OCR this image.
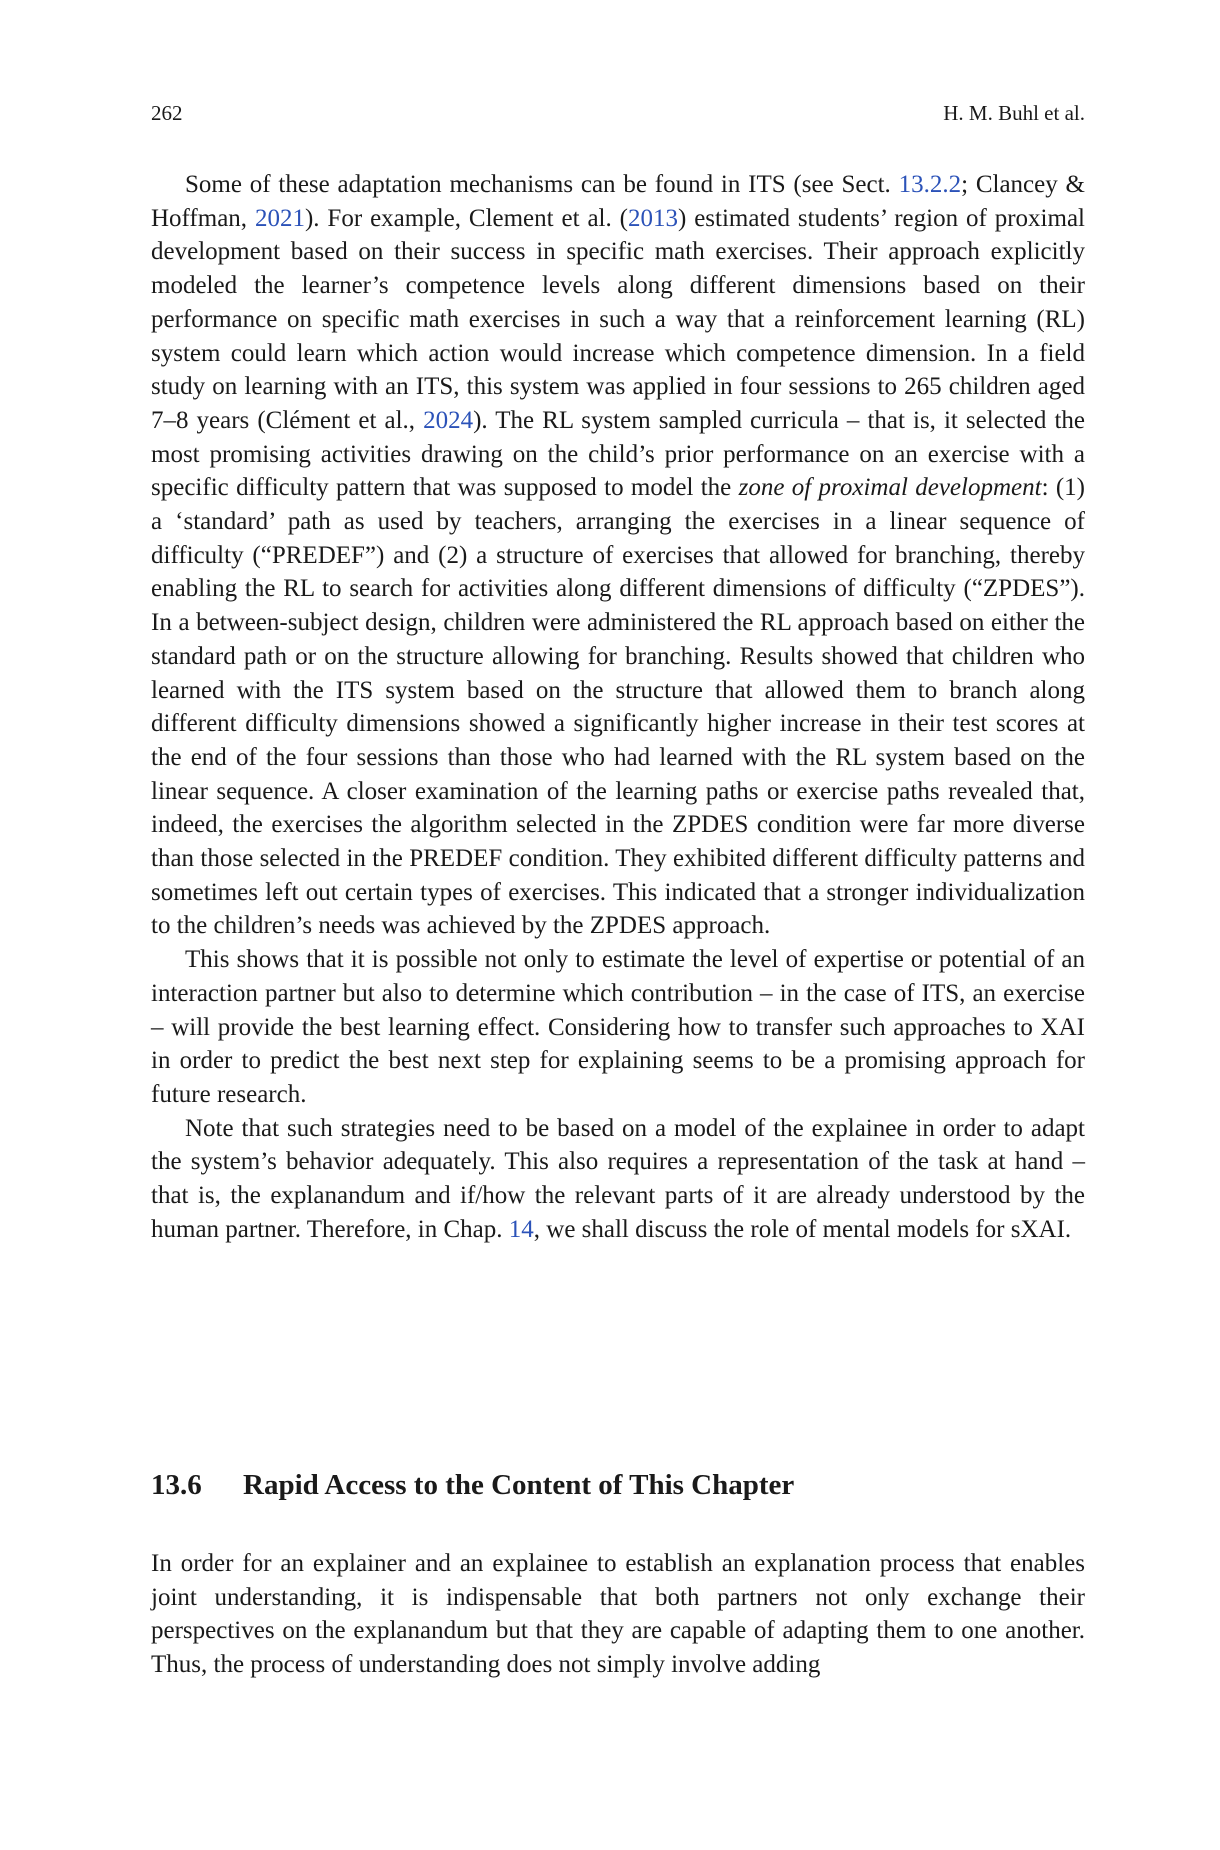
262	H. M. Buhl et al.

Some of these adaptation mechanisms can be found in ITS (see Sect. 13.2.2; Clancey & Hoffman, 2021). For example, Clement et al. (2013) estimated students’ region of proximal development based on their success in specific math exercises. Their approach explicitly modeled the learner’s competence levels along different dimensions based on their performance on specific math exercises in such a way that a reinforcement learning (RL) system could learn which action would increase which competence dimension. In a field study on learning with an ITS, this system was applied in four sessions to 265 children aged 7–8 years (Clément et al., 2024). The RL system sampled curricula – that is, it selected the most promising activities drawing on the child’s prior performance on an exercise with a specific difficulty pattern that was supposed to model the zone of proximal development: (1) a ‘standard’ path as used by teachers, arranging the exercises in a linear sequence of difficulty (“PREDEF”) and (2) a structure of exercises that allowed for branching, thereby enabling the RL to search for activities along different dimensions of difficulty (“ZPDES”). In a between-subject design, children were administered the RL approach based on either the standard path or on the structure allowing for branching. Results showed that children who learned with the ITS system based on the structure that allowed them to branch along different difficulty dimensions showed a significantly higher increase in their test scores at the end of the four sessions than those who had learned with the RL system based on the linear sequence. A closer examination of the learning paths or exercise paths revealed that, indeed, the exercises the algorithm selected in the ZPDES condition were far more diverse than those selected in the PREDEF condition. They exhibited different difficulty patterns and sometimes left out certain types of exercises. This indicated that a stronger individualization to the children’s needs was achieved by the ZPDES approach.

This shows that it is possible not only to estimate the level of expertise or potential of an interaction partner but also to determine which contribution – in the case of ITS, an exercise – will provide the best learning effect. Considering how to transfer such approaches to XAI in order to predict the best next step for explaining seems to be a promising approach for future research.

Note that such strategies need to be based on a model of the explainee in order to adapt the system’s behavior adequately. This also requires a representation of the task at hand – that is, the explanandum and if/how the relevant parts of it are already understood by the human partner. Therefore, in Chap. 14, we shall discuss the role of mental models for sXAI.

13.6 Rapid Access to the Content of This Chapter

In order for an explainer and an explainee to establish an explanation process that enables joint understanding, it is indispensable that both partners not only exchange their perspectives on the explanandum but that they are capable of adapting them to one another. Thus, the process of understanding does not simply involve adding
